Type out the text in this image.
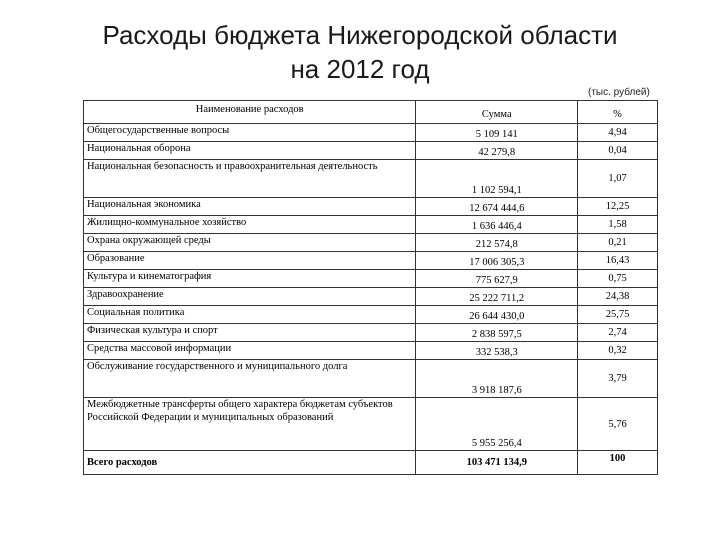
Расходы бюджета Нижегородской области
на 2012 год
(тыс. рублей)
Наименование расходов	Сумма	%
Общегосударственные вопросы	5 109 141	4,94
Национальная оборона	42 279,8	0,04
Национальная безопасность и правоохранительная деятельность	1 102 594,1	1,07
Национальная экономика	12 674 444,6	12,25
Жилищно-коммунальное хозяйство	1 636 446,4	1,58
Охрана окружающей среды	212 574,8	0,21
Образование	17 006 305,3	16,43
Культура и кинематография	775 627,9	0,75
Здравоохранение	25 222 711,2	24,38
Социальная политика	26 644 430,0	25,75
Физическая культура и спорт	2 838 597,5	2,74
Средства массовой информации	332 538,3	0,32
Обслуживание государственного и муниципального долга	3 918 187,6	3,79
Межбюджетные трансферты общего характера бюджетам субъектов Российской Федерации и муниципальных образований	5 955 256,4	5,76
Всего расходов	103 471 134,9	100
